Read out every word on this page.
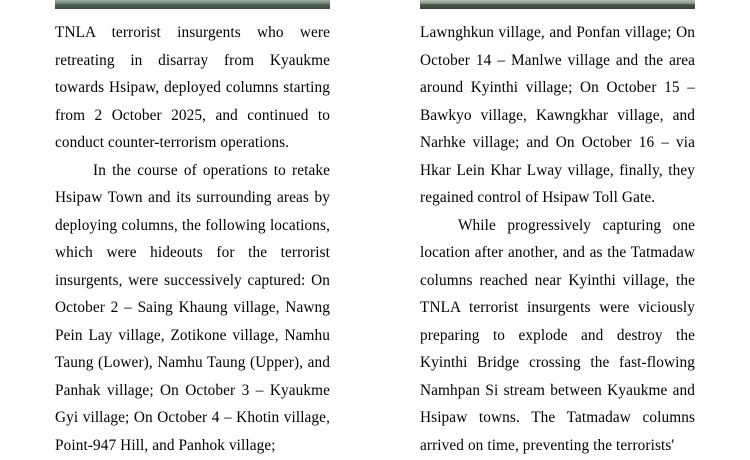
TNLA terrorist insurgents who were retreating in disarray from Kyaukme towards Hsipaw, deployed columns starting from 2 October 2025, and continued to conduct counter-terrorism operations.

In the course of operations to retake Hsipaw Town and its surrounding areas by deploying columns, the following locations, which were hideouts for the terrorist insurgents, were successively captured: On October 2 – Saing Khaung village, Nawng Pein Lay village, Zotikone village, Namhu Taung (Lower), Namhu Taung (Upper), and Panhak village; On October 3 – Kyaukme Gyi village; On October 4 – Khotin village, Point-947 Hill, and Panhok village;

Lawnghkun village, and Ponfan village; On October 14 – Manlwe village and the area around Kyinthi village; On October 15 – Bawkyo village, Kawngkhar village, and Narhke village; and On October 16 – via Hkar Lein Khar Lway village, finally, they regained control of Hsipaw Toll Gate.

While progressively capturing one location after another, and as the Tatmadaw columns reached near Kyinthi village, the TNLA terrorist insurgents were viciously preparing to explode and destroy the Kyinthi Bridge crossing the fast-flowing Namhpan Si stream between Kyaukme and Hsipaw towns. The Tatmadaw columns arrived on time, preventing the terrorists'
